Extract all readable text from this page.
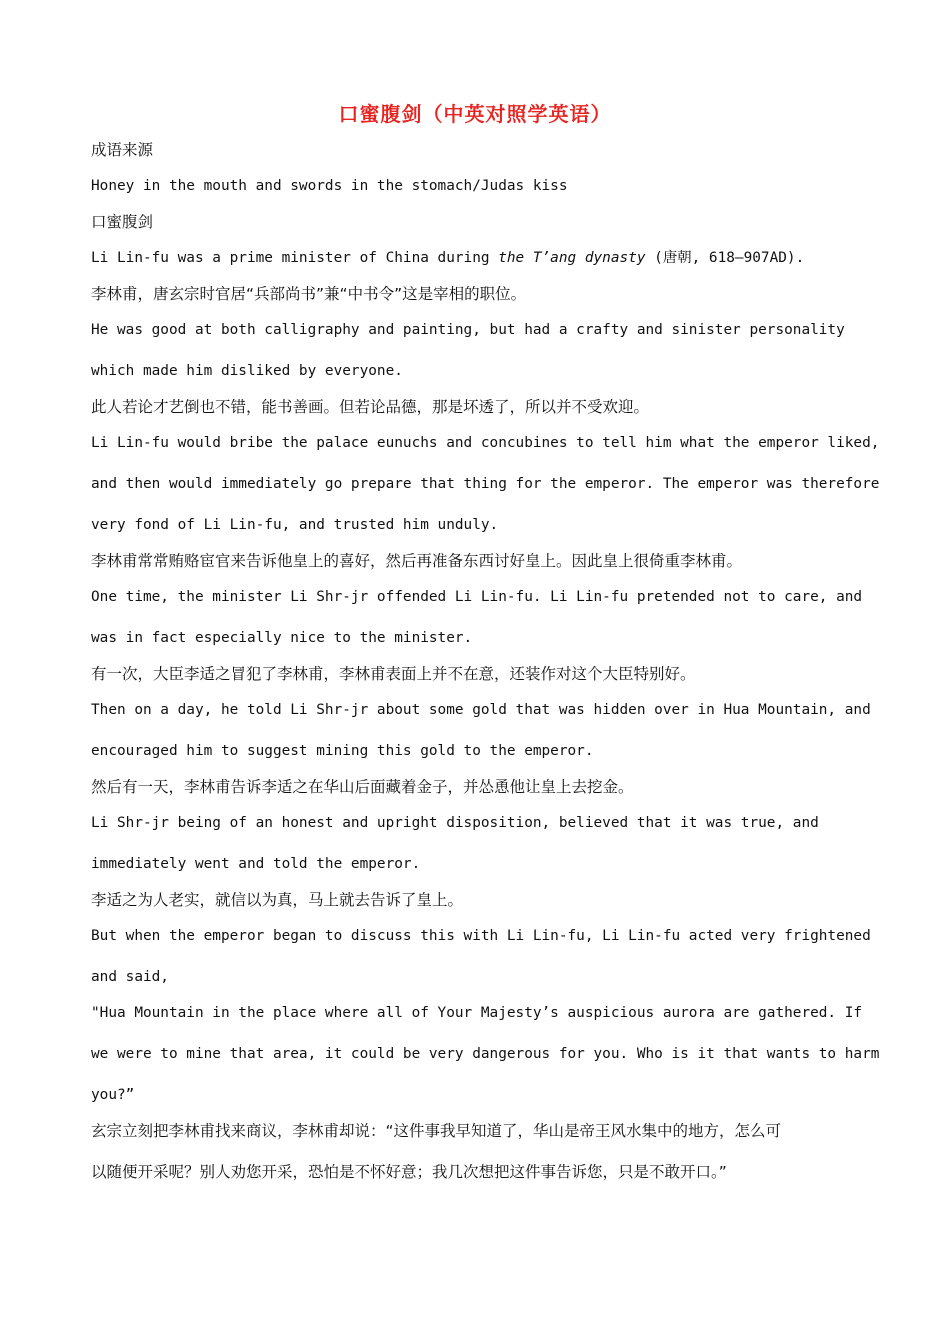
口蜜腹剑（中英对照学英语）

成语来源

Honey in the mouth and swords in the stomach/Judas kiss

口蜜腹剑

Li Lin-fu was a prime minister of China during the T’ang dynasty (唐朝, 618—907AD).

李林甫，唐玄宗时官居“兵部尚书”兼“中书令”这是宰相的职位。

He was good at both calligraphy and painting, but had a crafty and sinister personality
which made him disliked by everyone.

此人若论才艺倒也不错，能书善画。但若论品德，那是坏透了，所以并不受欢迎。

Li Lin-fu would bribe the palace eunuchs and concubines to tell him what the emperor liked,
and then would immediately go prepare that thing for the emperor. The emperor was therefore
very fond of Li Lin-fu, and trusted him unduly.

李林甫常常贿赂宦官来告诉他皇上的喜好，然后再准备东西讨好皇上。因此皇上很倚重李林甫。

One time, the minister Li Shr-jr offended Li Lin-fu. Li Lin-fu pretended not to care, and
was in fact especially nice to the minister.

有一次，大臣李适之冒犯了李林甫，李林甫表面上并不在意，还装作对这个大臣特别好。

Then on a day, he told Li Shr-jr about some gold that was hidden over in Hua Mountain, and
encouraged him to suggest mining this gold to the emperor.

然后有一天，李林甫告诉李适之在华山后面藏着金子，并怂恿他让皇上去挖金。

Li Shr-jr being of an honest and upright disposition, believed that it was true, and
immediately went and told the emperor.

李适之为人老实，就信以为真，马上就去告诉了皇上。

But when the emperor began to discuss this with Li Lin-fu, Li Lin-fu acted very frightened
and said,

"Hua Mountain in the place where all of Your Majesty’s auspicious aurora are gathered. If
we were to mine that area, it could be very dangerous for you. Who is it that wants to harm
you?”

玄宗立刻把李林甫找来商议，李林甫却说：“这件事我早知道了，华山是帝王风水集中的地方，怎么可
以随便开采呢？别人劝您开采，恐怕是不怀好意；我几次想把这件事告诉您，只是不敢开口。”
